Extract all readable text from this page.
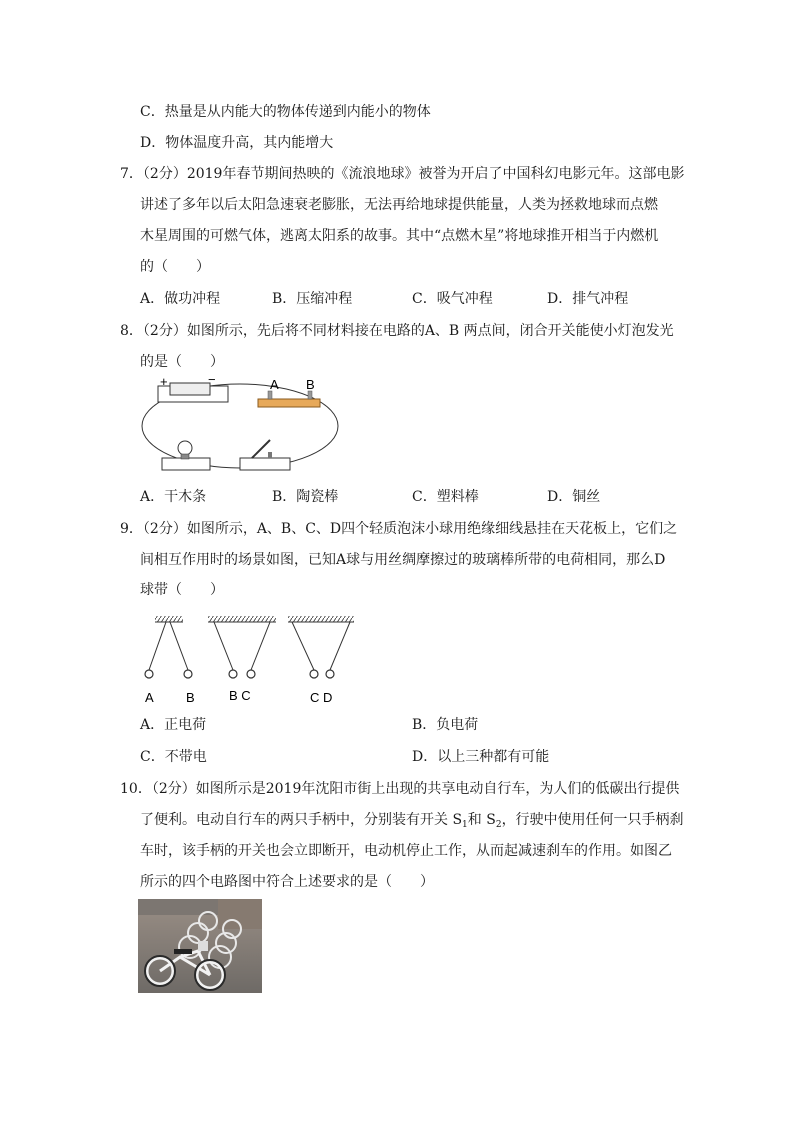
C．热量是从内能大的物体传递到内能小的物体
D．物体温度升高，其内能增大
7．（2分）2019年春节期间热映的《流浪地球》被誉为开启了中国科幻电影元年。这部电影
讲述了多年以后太阳急速衰老膨胀，无法再给地球提供能量，人类为拯救地球而点燃
木星周围的可燃气体，逃离太阳系的故事。其中“点燃木星”将地球推开相当于内燃机
的（　　）
A．做功冲程	B．压缩冲程	C．吸气冲程	D．排气冲程
8．（2分）如图所示，先后将不同材料接在电路的A、B 两点间，闭合开关能使小灯泡发光
的是（　　）
+	−	A B
A．干木条	B．陶瓷棒	C．塑料棒	D．铜丝
9．（2分）如图所示，A、B、C、D四个轻质泡沫小球用绝缘细线悬挂在天花板上，它们之
间相互作用时的场景如图，已知A球与用丝绸摩擦过的玻璃棒所带的电荷相同，那么D
球带（　　）
A B	B C	C D
A．正电荷	B．负电荷
C．不带电	D．以上三种都有可能
10．（2分）如图所示是2019年沈阳市街上出现的共享电动自行车，为人们的低碳出行提供
了便利。电动自行车的两只手柄中，分别装有开关 $S_1$和 $S_2$，行驶中使用任何一只手柄刹
车时，该手柄的开关也会立即断开，电动机停止工作，从而起减速刹车的作用。如图乙
所示的四个电路图中符合上述要求的是（　　）
